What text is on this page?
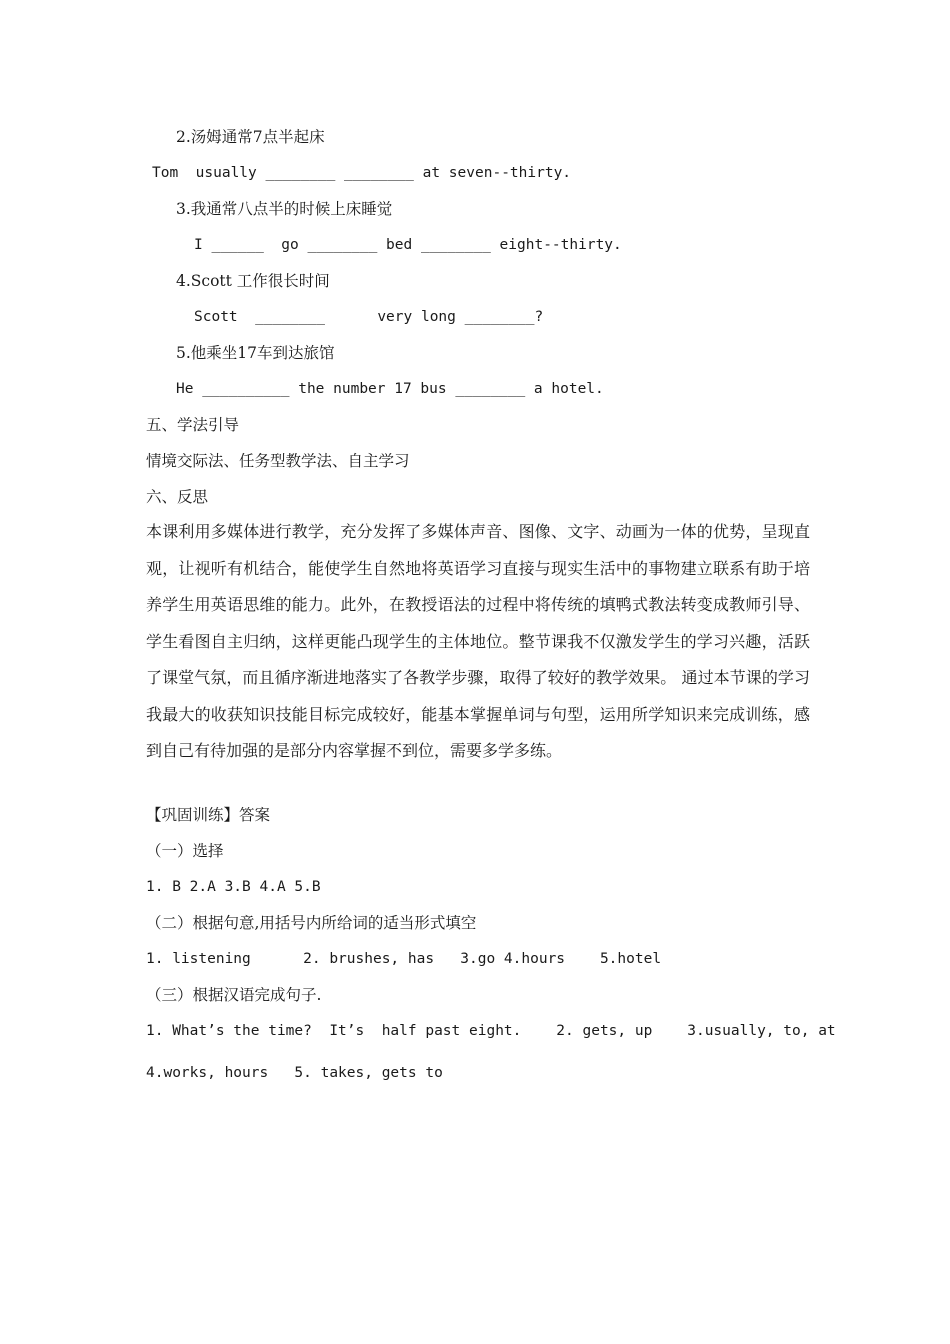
2.汤姆通常7点半起床
Tom  usually ________ ________ at seven--thirty.
3.我通常八点半的时候上床睡觉
I ______  go ________ bed ________ eight--thirty.
4.Scott 工作很长时间
Scott  ________      very long ________?
5.他乘坐17车到达旅馆
He __________ the number 17 bus ________ a hotel.
五、学法引导
情境交际法、任务型教学法、自主学习
六、反思
本课利用多媒体进行教学，充分发挥了多媒体声音、图像、文字、动画为一体的优势，呈现直观，让视听有机结合，能使学生自然地将英语学习直接与现实生活中的事物建立联系有助于培养学生用英语思维的能力。此外，在教授语法的过程中将传统的填鸭式教法转变成教师引导、学生看图自主归纳，这样更能凸现学生的主体地位。整节课我不仅激发学生的学习兴趣，活跃了课堂气氛，而且循序渐进地落实了各教学步骤，取得了较好的教学效果。 通过本节课的学习我最大的收获知识技能目标完成较好，能基本掌握单词与句型，运用所学知识来完成训练，感到自己有待加强的是部分内容掌握不到位，需要多学多练。
【巩固训练】答案
（一）选择
1. B 2.A 3.B 4.A 5.B
（二）根据句意,用括号内所给词的适当形式填空
1. listening      2. brushes, has   3.go 4.hours    5.hotel
（三）根据汉语完成句子.
1. What’s the time?  It’s  half past eight.    2. gets, up    3.usually, to, at
4.works, hours   5. takes, gets to
